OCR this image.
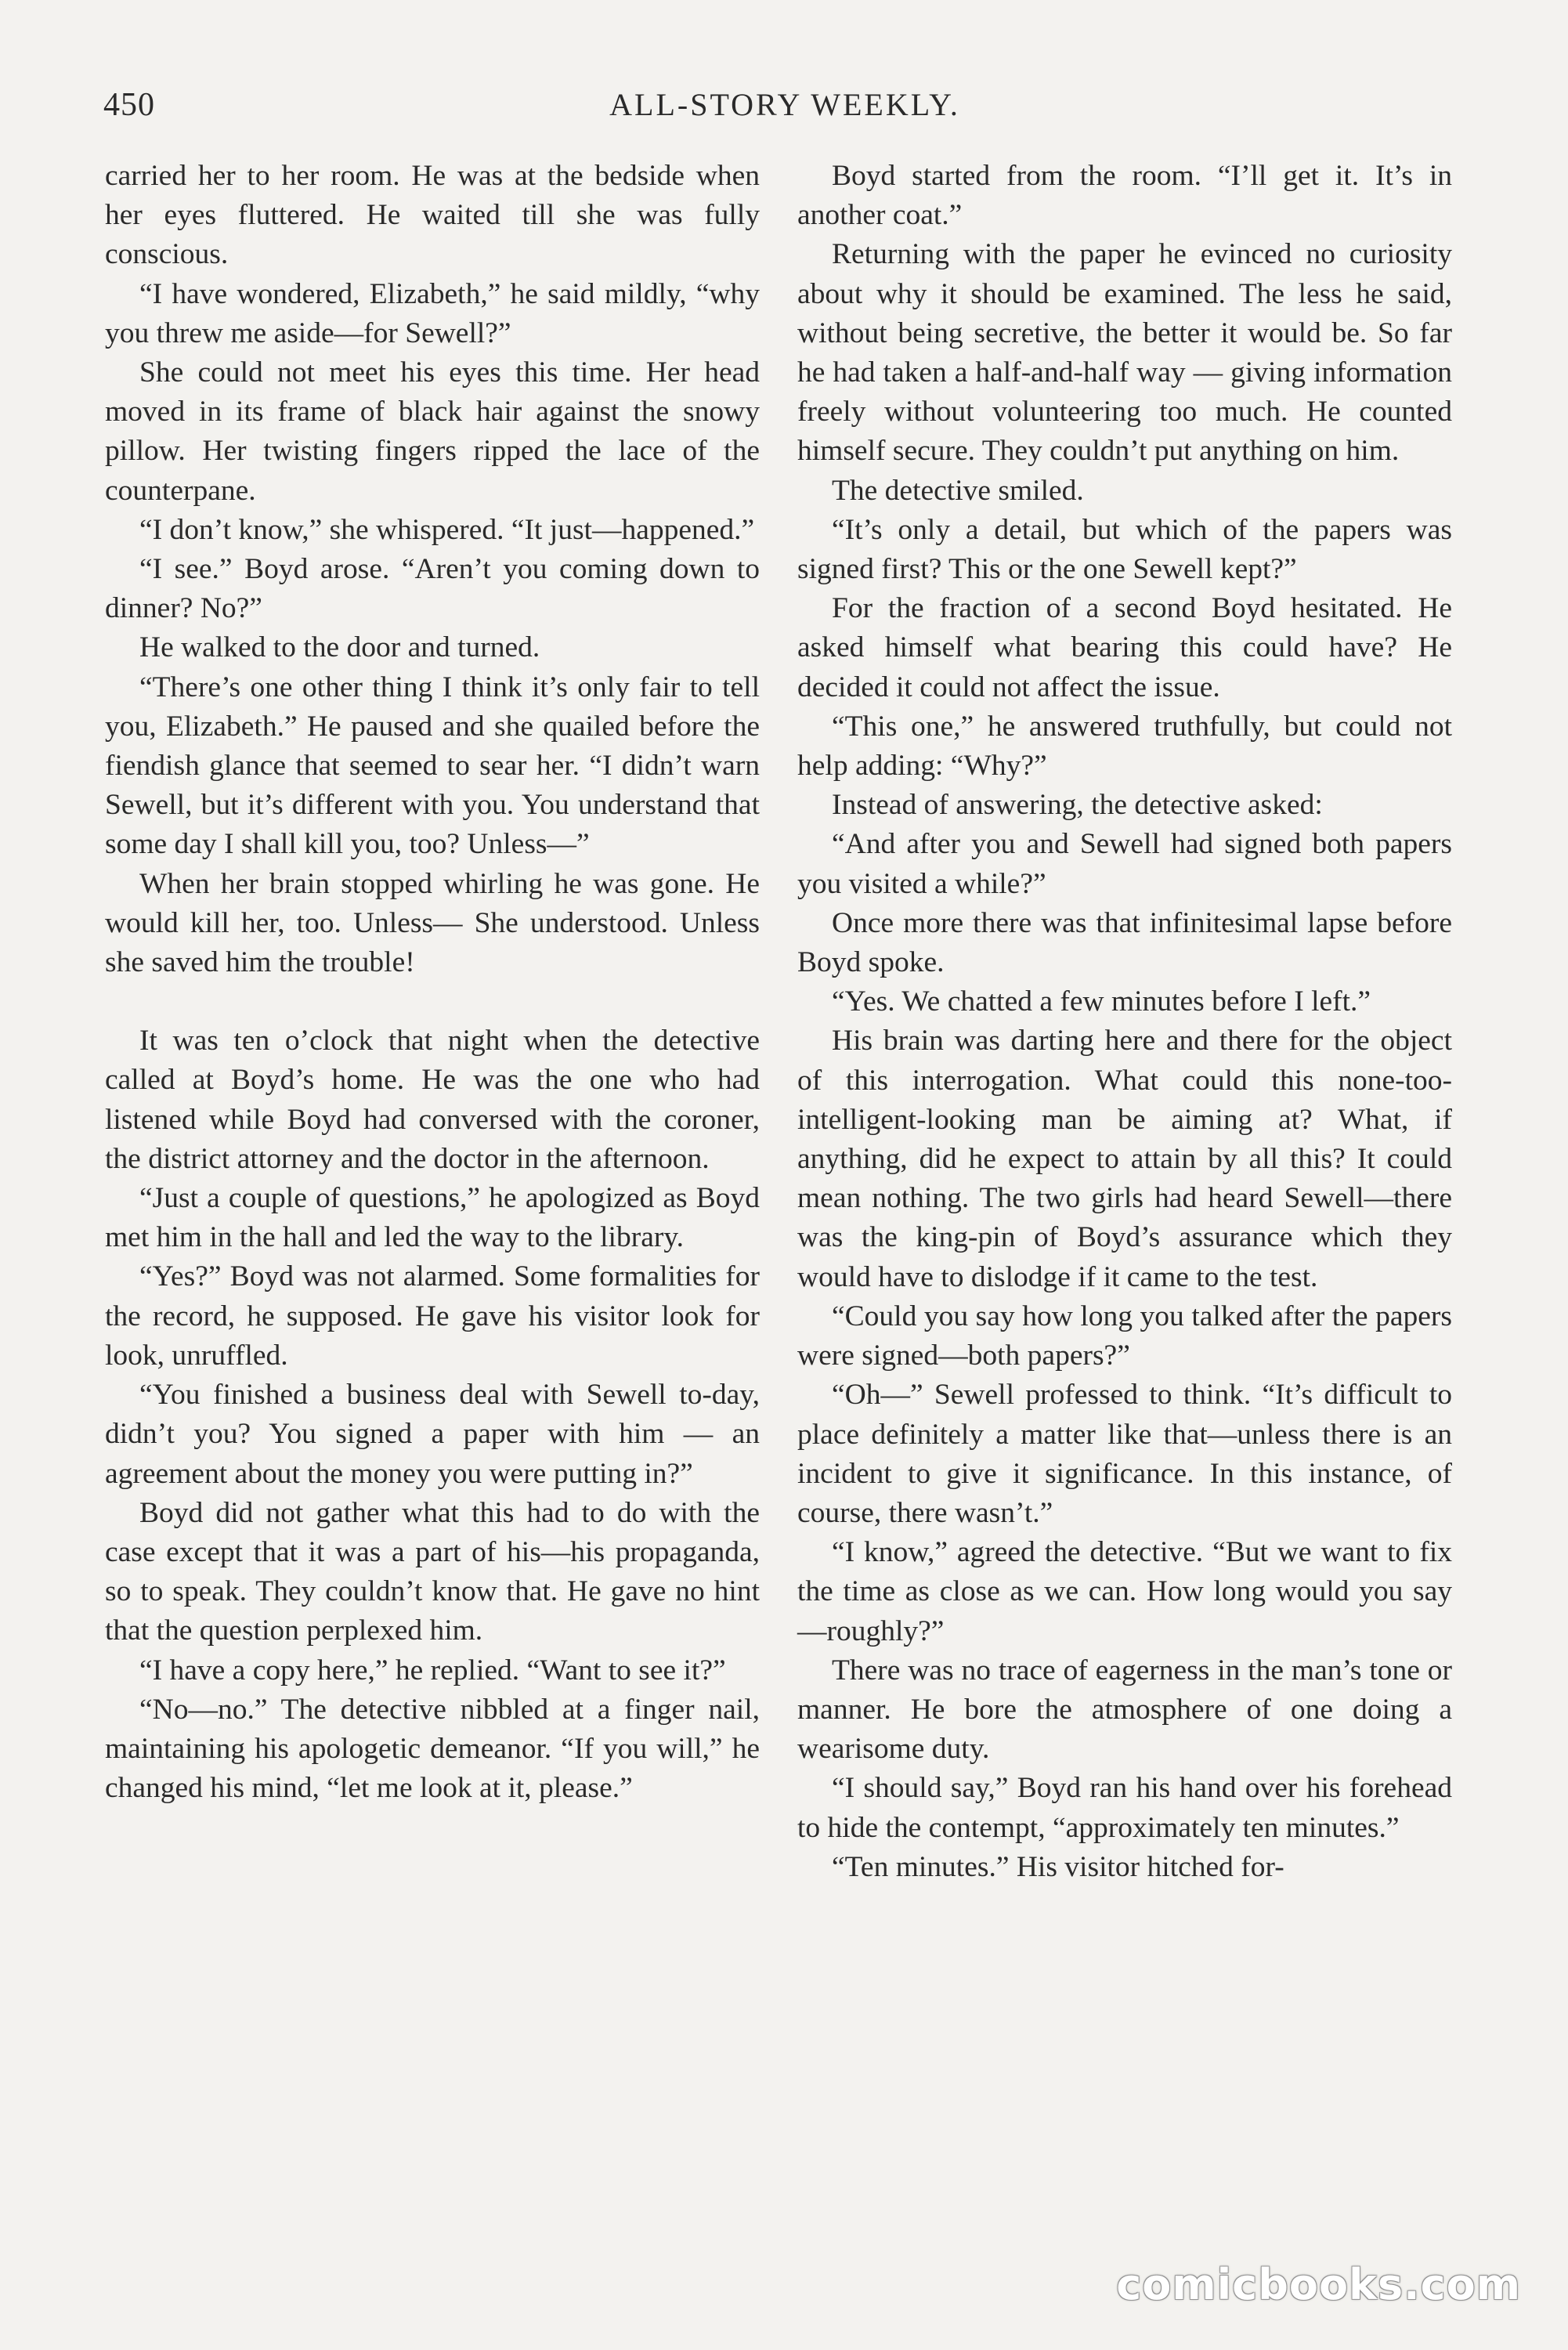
450	ALL-STORY WEEKLY.

carried her to her room. He was at the bedside when her eyes fluttered. He waited till she was fully conscious.

“I have wondered, Elizabeth,” he said mildly, “why you threw me aside—for Sewell?”

She could not meet his eyes this time. Her head moved in its frame of black hair against the snowy pillow. Her twisting fingers ripped the lace of the counterpane.

“I don’t know,” she whispered. “It just—happened.”

“I see.” Boyd arose. “Aren’t you coming down to dinner? No?”

He walked to the door and turned.

“There’s one other thing I think it’s only fair to tell you, Elizabeth.” He paused and she quailed before the fiendish glance that seemed to sear her. “I didn’t warn Sewell, but it’s different with you. You understand that some day I shall kill you, too? Unless—”

When her brain stopped whirling he was gone. He would kill her, too. Unless— She understood. Unless she saved him the trouble!

It was ten o’clock that night when the detective called at Boyd’s home. He was the one who had listened while Boyd had conversed with the coroner, the district attorney and the doctor in the afternoon.

“Just a couple of questions,” he apologized as Boyd met him in the hall and led the way to the library.

“Yes?” Boyd was not alarmed. Some formalities for the record, he supposed. He gave his visitor look for look, unruffled.

“You finished a business deal with Sewell to-day, didn’t you? You signed a paper with him — an agreement about the money you were putting in?”

Boyd did not gather what this had to do with the case except that it was a part of his—his propaganda, so to speak. They couldn’t know that. He gave no hint that the question perplexed him.

“I have a copy here,” he replied. “Want to see it?”

“No—no.” The detective nibbled at a finger nail, maintaining his apologetic demeanor. “If you will,” he changed his mind, “let me look at it, please.”

Boyd started from the room. “I’ll get it. It’s in another coat.”

Returning with the paper he evinced no curiosity about why it should be examined. The less he said, without being secretive, the better it would be. So far he had taken a half-and-half way — giving information freely without volunteering too much. He counted himself secure. They couldn’t put anything on him.

The detective smiled.

“It’s only a detail, but which of the papers was signed first? This or the one Sewell kept?”

For the fraction of a second Boyd hesitated. He asked himself what bearing this could have? He decided it could not affect the issue.

“This one,” he answered truthfully, but could not help adding: “Why?”

Instead of answering, the detective asked:

“And after you and Sewell had signed both papers you visited a while?”

Once more there was that infinitesimal lapse before Boyd spoke.

“Yes. We chatted a few minutes before I left.”

His brain was darting here and there for the object of this interrogation. What could this none-too-intelligent-looking man be aiming at? What, if anything, did he expect to attain by all this? It could mean nothing. The two girls had heard Sewell—there was the king-pin of Boyd’s assurance which they would have to dislodge if it came to the test.

“Could you say how long you talked after the papers were signed—both papers?”

“Oh—” Sewell professed to think. “It’s difficult to place definitely a matter like that—unless there is an incident to give it significance. In this instance, of course, there wasn’t.”

“I know,” agreed the detective. “But we want to fix the time as close as we can. How long would you say—roughly?”

There was no trace of eagerness in the man’s tone or manner. He bore the atmosphere of one doing a wearisome duty.

“I should say,” Boyd ran his hand over his forehead to hide the contempt, “approximately ten minutes.”

“Ten minutes.” His visitor hitched for-

comicbooks.com
